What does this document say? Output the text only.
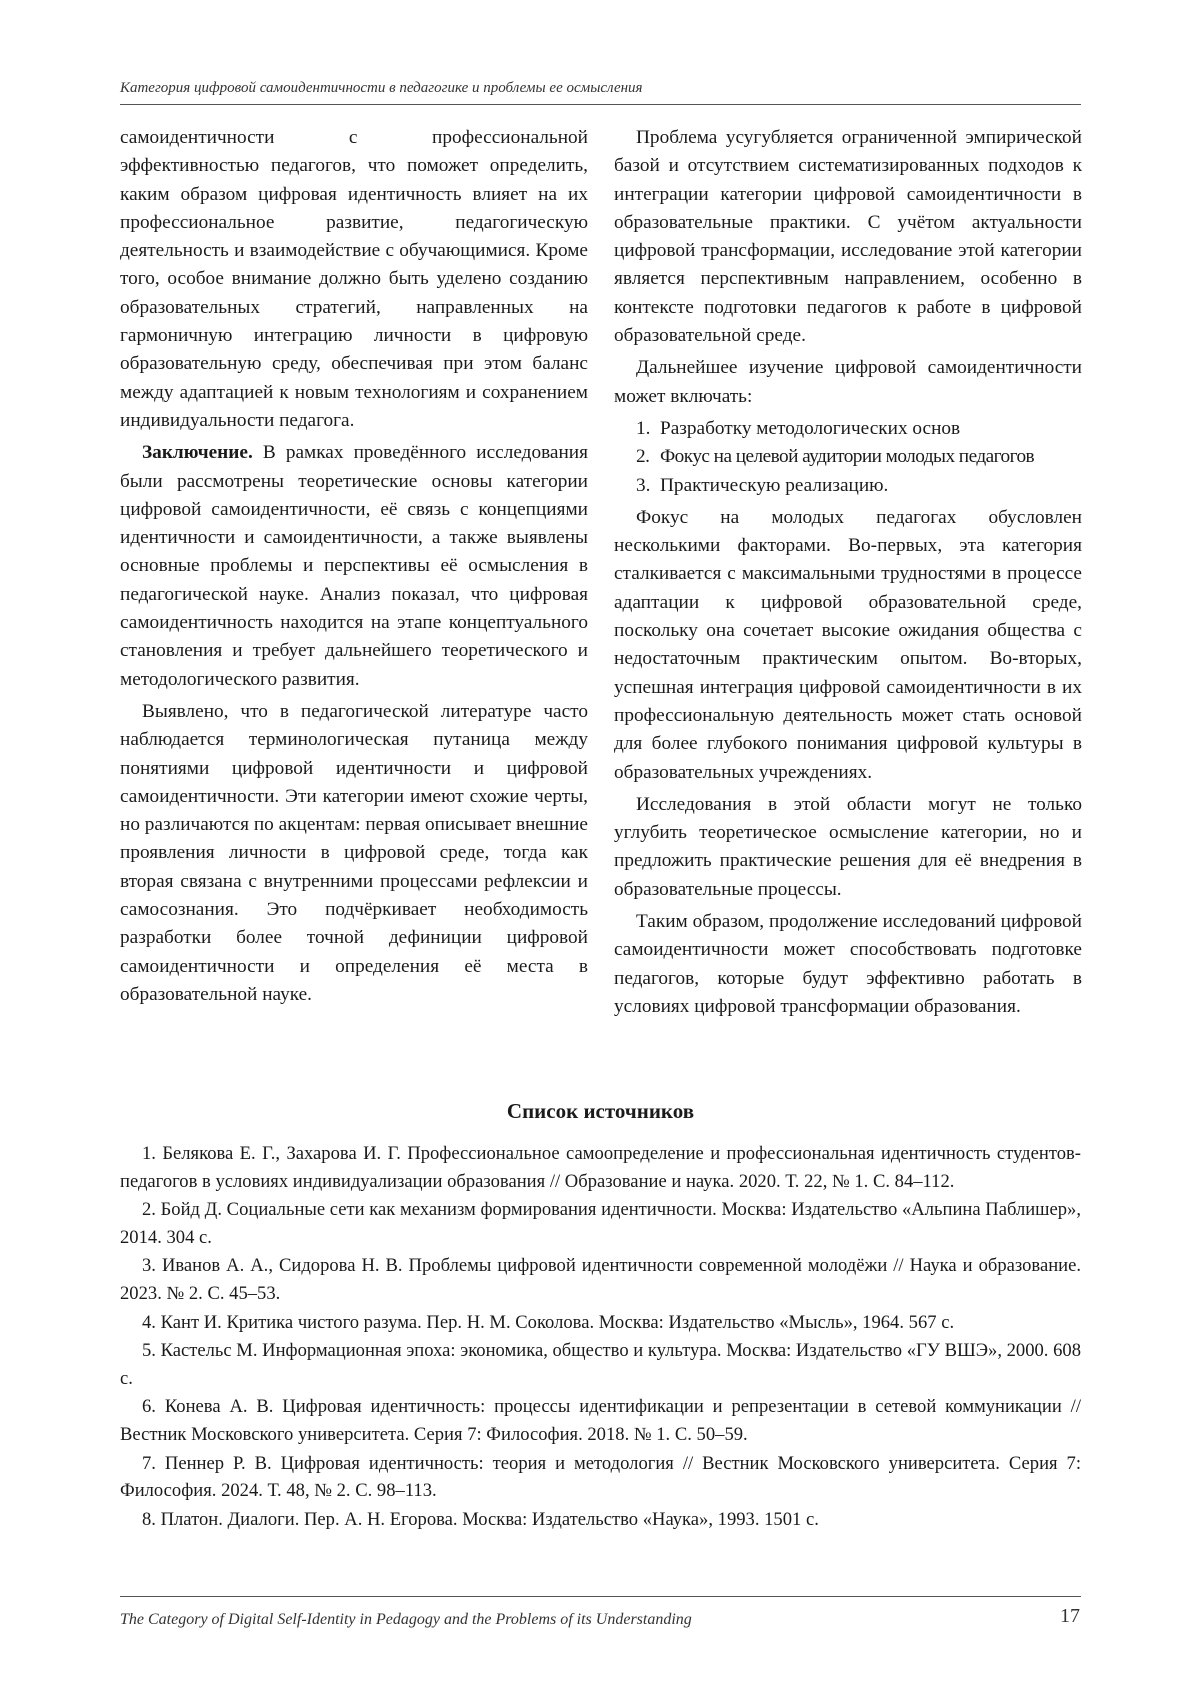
Категория цифровой самоидентичности в педагогике и проблемы ее осмысления

самоидентичности с профессиональной эффективностью педагогов, что поможет определить, каким образом цифровая идентичность влияет на их профессиональное развитие, педагогическую деятельность и взаимодействие с обучающимися. Кроме того, особое внимание должно быть уделено созданию образовательных стратегий, направленных на гармоничную интеграцию личности в цифровую образовательную среду, обеспечивая при этом баланс между адаптацией к новым технологиям и сохранением индивидуальности педагога.

Заключение. В рамках проведённого исследования были рассмотрены теоретические основы категории цифровой самоидентичности, её связь с концепциями идентичности и самоидентичности, а также выявлены основные проблемы и перспективы её осмысления в педагогической науке. Анализ показал, что цифровая самоидентичность находится на этапе концептуального становления и требует дальнейшего теоретического и методологического развития.

Выявлено, что в педагогической литературе часто наблюдается терминологическая путаница между понятиями цифровой идентичности и цифровой самоидентичности. Эти категории имеют схожие черты, но различаются по акцентам: первая описывает внешние проявления личности в цифровой среде, тогда как вторая связана с внутренними процессами рефлексии и самосознания. Это подчёркивает необходимость разработки более точной дефиниции цифровой самоидентичности и определения её места в образовательной науке.

Проблема усугубляется ограниченной эмпирической базой и отсутствием систематизированных подходов к интеграции категории цифровой самоидентичности в образовательные практики. С учётом актуальности цифровой трансформации, исследование этой категории является перспективным направлением, особенно в контексте подготовки педагогов к работе в цифровой образовательной среде.

Дальнейшее изучение цифровой самоидентичности может включать:

1. Разработку методологических основ
2. Фокус на целевой аудитории молодых педагогов
3. Практическую реализацию.

Фокус на молодых педагогах обусловлен несколькими факторами. Во-первых, эта категория сталкивается с максимальными трудностями в процессе адаптации к цифровой образовательной среде, поскольку она сочетает высокие ожидания общества с недостаточным практическим опытом. Во-вторых, успешная интеграция цифровой самоидентичности в их профессиональную деятельность может стать основой для более глубокого понимания цифровой культуры в образовательных учреждениях.

Исследования в этой области могут не только углубить теоретическое осмысление категории, но и предложить практические решения для её внедрения в образовательные процессы.

Таким образом, продолжение исследований цифровой самоидентичности может способствовать подготовке педагогов, которые будут эффективно работать в условиях цифровой трансформации образования.

Список источников

1. Белякова Е. Г., Захарова И. Г. Профессиональное самоопределение и профессиональная идентичность студентов-педагогов в условиях индивидуализации образования // Образование и наука. 2020. Т. 22, № 1. С. 84–112.

2. Бойд Д. Социальные сети как механизм формирования идентичности. Москва: Издательство «Альпина Паблишер», 2014. 304 с.

3. Иванов А. А., Сидорова Н. В. Проблемы цифровой идентичности современной молодёжи // Наука и образование. 2023. № 2. С. 45–53.

4. Кант И. Критика чистого разума. Пер. Н. М. Соколова. Москва: Издательство «Мысль», 1964. 567 с.

5. Кастельс М. Информационная эпоха: экономика, общество и культура. Москва: Издательство «ГУ ВШЭ», 2000. 608 с.

6. Конева А. В. Цифровая идентичность: процессы идентификации и репрезентации в сетевой коммуникации // Вестник Московского университета. Серия 7: Философия. 2018. № 1. С. 50–59.

7. Пеннер Р. В. Цифровая идентичность: теория и методология // Вестник Московского университета. Серия 7: Философия. 2024. Т. 48, № 2. С. 98–113.

8. Платон. Диалоги. Пер. А. Н. Егорова. Москва: Издательство «Наука», 1993. 1501 с.

The Category of Digital Self-Identity in Pedagogy and the Problems of its Understanding	17
